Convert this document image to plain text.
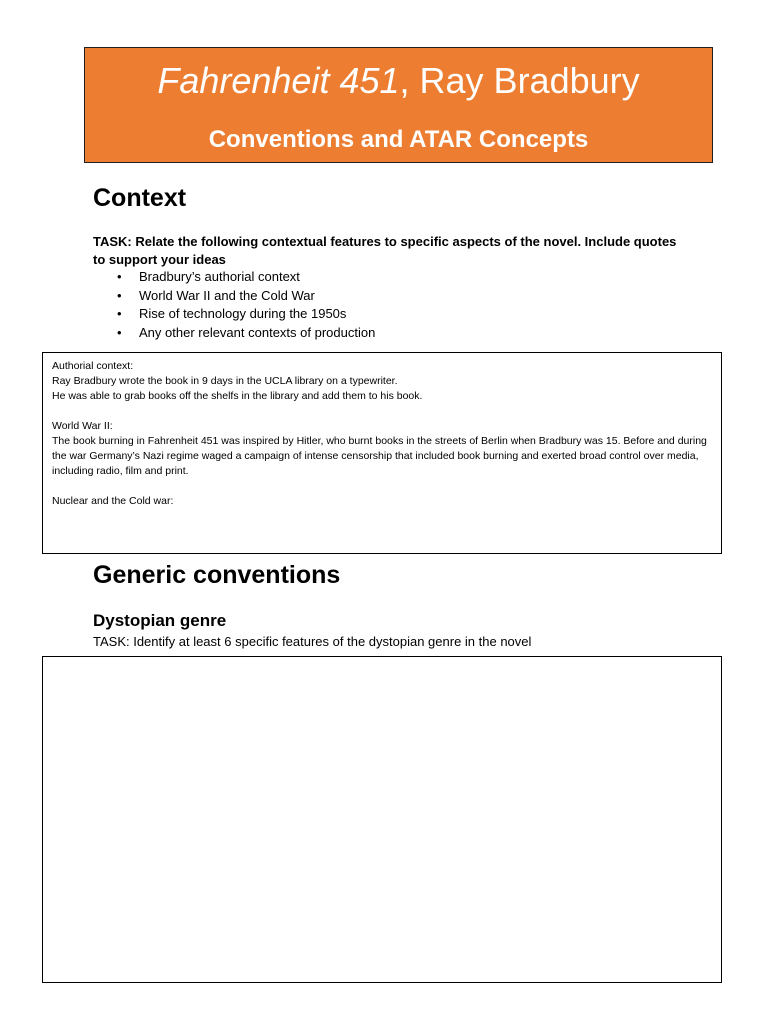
Fahrenheit 451, Ray Bradbury
Conventions and ATAR Concepts
Context
TASK: Relate the following contextual features to specific aspects of the novel. Include quotes to support your ideas
• Bradbury’s authorial context
• World War II and the Cold War
• Rise of technology during the 1950s
• Any other relevant contexts of production

Authorial context:

Ray Bradbury wrote the book in 9 days in the UCLA library on a typewriter.

He was able to grab books off the shelfs in the library and add them to his book.

World War II:

The book burning in Fahrenheit 451 was inspired by Hitler, who burnt books in the streets of Berlin when Bradbury was 15. Before and during the war Germany’s Nazi regime waged a campaign of intense censorship that included book burning and exerted broad control over media, including radio, film and print.

Nuclear and the Cold war:

Generic conventions
Dystopian genre
TASK: Identify at least 6 specific features of the dystopian genre in the novel
